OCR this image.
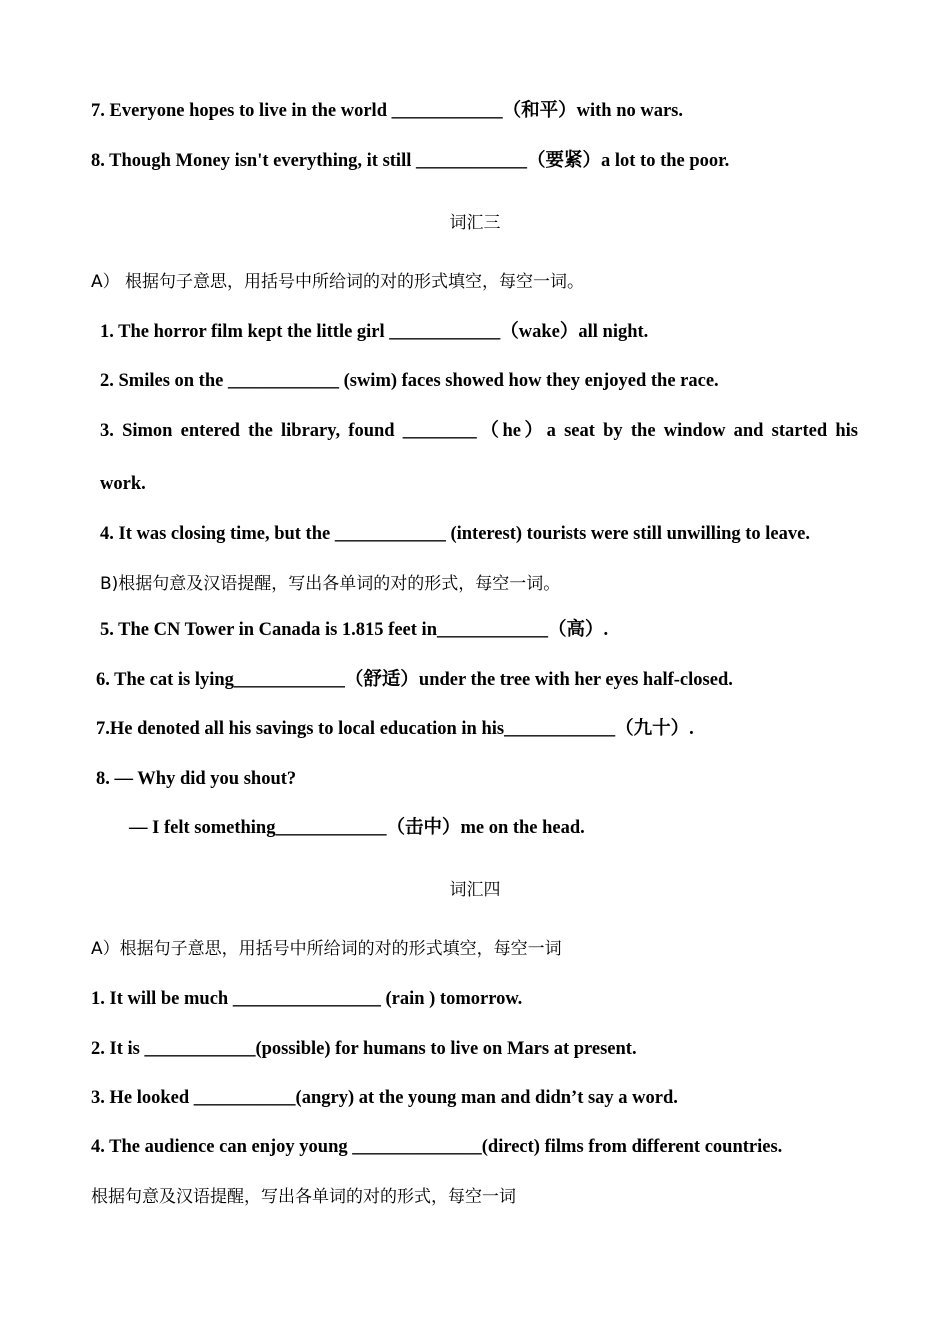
7. Everyone hopes to live in the world ____________（和平）with no wars.
8. Though Money isn't everything, it still ____________（要紧）a lot to the poor.
词汇三
A） 根据句子意思，用括号中所给词的对的形式填空，每空一词。
1. The horror film kept the little girl ____________（wake）all night.
2. Smiles on the ____________ (swim) faces showed how they enjoyed the race.
3. Simon entered the library, found ________（he）a seat by the window and started his
work.
4. It was closing time, but the ____________ (interest) tourists were still unwilling to leave.
B)根据句意及汉语提醒，写出各单词的对的形式，每空一词。
5. The CN Tower in Canada is 1.815 feet in____________（高）.
6. The cat is lying____________（舒适）under the tree with her eyes half-closed.
7.He denoted all his savings to local education in his____________（九十）.
8. — Why did you shout?
— I felt something____________（击中）me on the head.
词汇四
A）根据句子意思，用括号中所给词的对的形式填空，每空一词
1. It will be much ________________ (rain ) tomorrow.
2. It is ____________(possible) for humans to live on Mars at present.
3. He looked ___________(angry) at the young man and didn’t say a word.
4. The audience can enjoy young ______________(direct) films from different countries.
根据句意及汉语提醒，写出各单词的对的形式，每空一词
